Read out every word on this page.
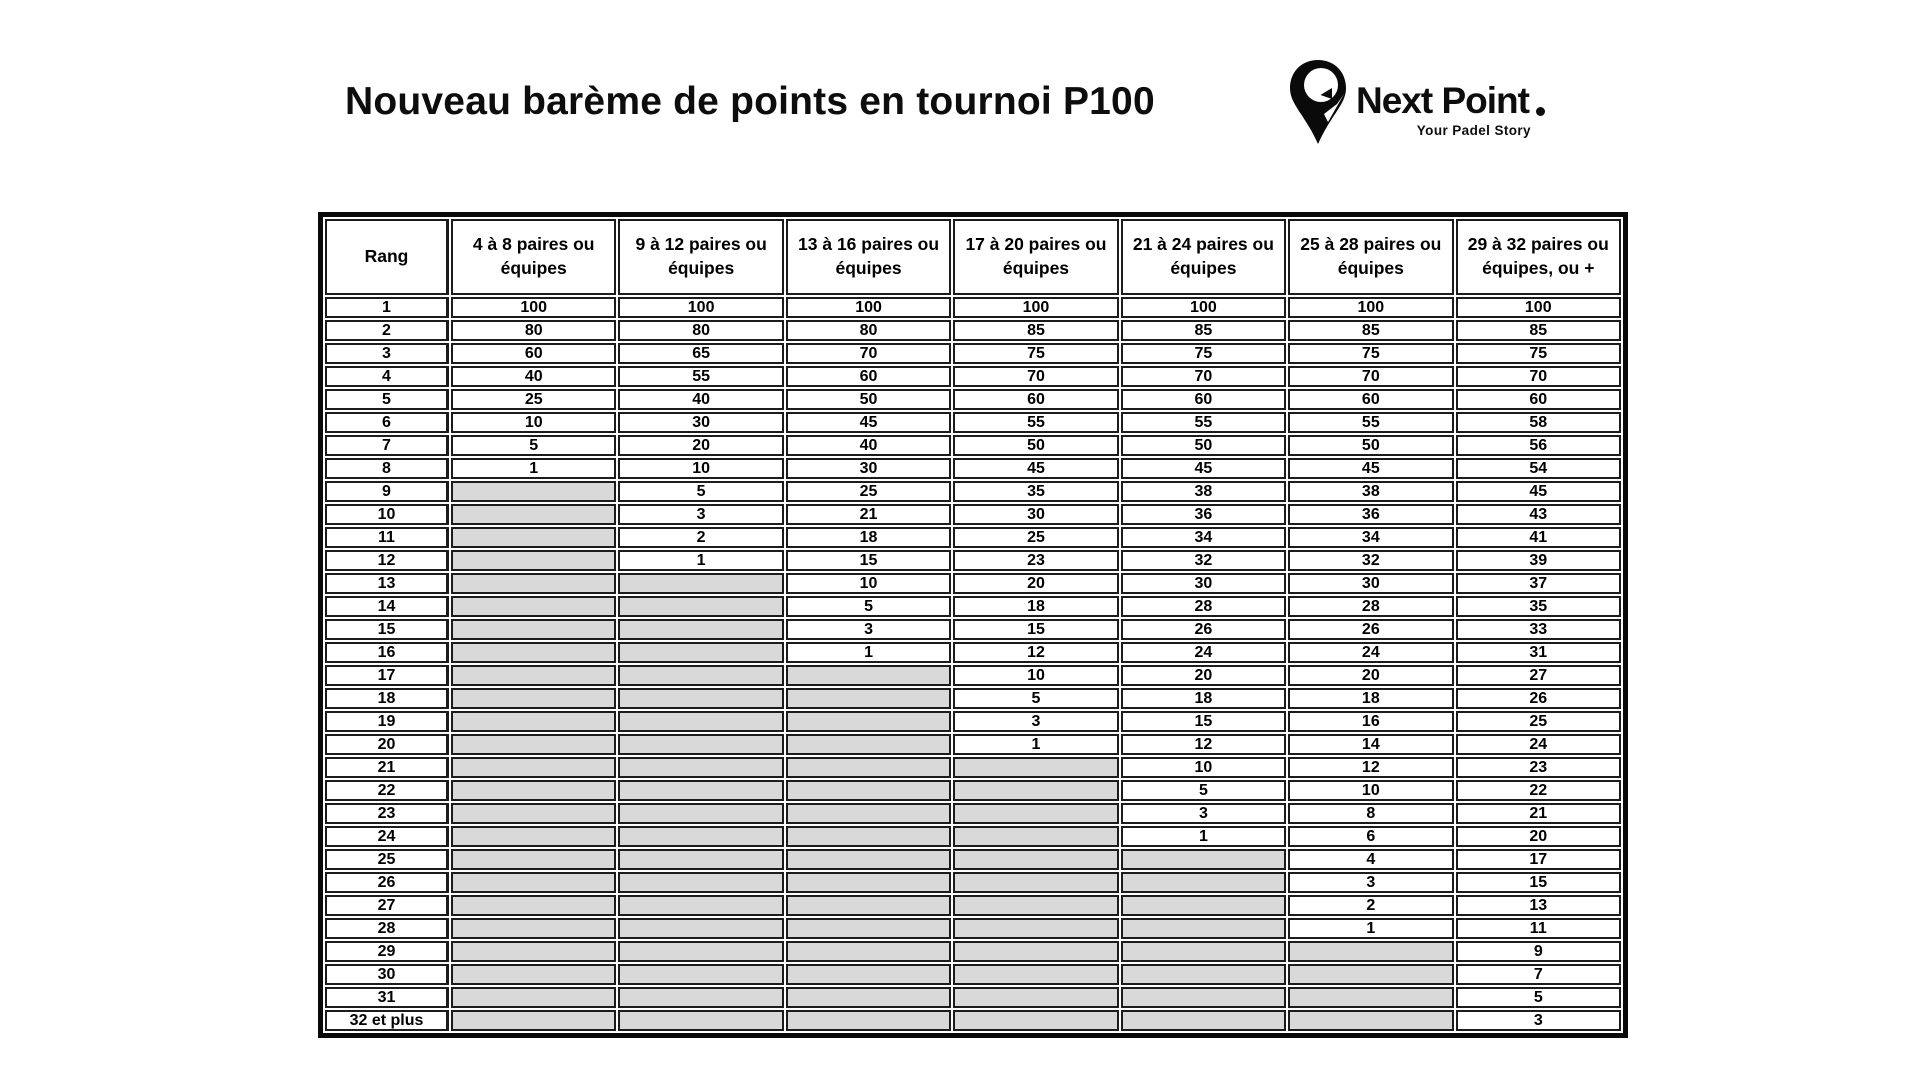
Nouveau barème de points en tournoi P100	Next Point
Your Padel Story
Rang	4 à 8 paires ou équipes	9 à 12 paires ou équipes	13 à 16 paires ou équipes	17 à 20 paires ou équipes	21 à 24 paires ou équipes	25 à 28 paires ou équipes	29 à 32 paires ou équipes, ou +
1	100	100	100	100	100	100	100
2	80	80	80	85	85	85	85
3	60	65	70	75	75	75	75
4	40	55	60	70	70	70	70
5	25	40	50	60	60	60	60
6	10	30	45	55	55	55	58
7	5	20	40	50	50	50	56
8	1	10	30	45	45	45	54
9		5	25	35	38	38	45
10		3	21	30	36	36	43
11		2	18	25	34	34	41
12		1	15	23	32	32	39
13			10	20	30	30	37
14			5	18	28	28	35
15			3	15	26	26	33
16			1	12	24	24	31
17				10	20	20	27
18				5	18	18	26
19				3	15	16	25
20				1	12	14	24
21					10	12	23
22					5	10	22
23					3	8	21
24					1	6	20
25						4	17
26						3	15
27						2	13
28						1	11
29							9
30							7
31							5
32 et plus							3
